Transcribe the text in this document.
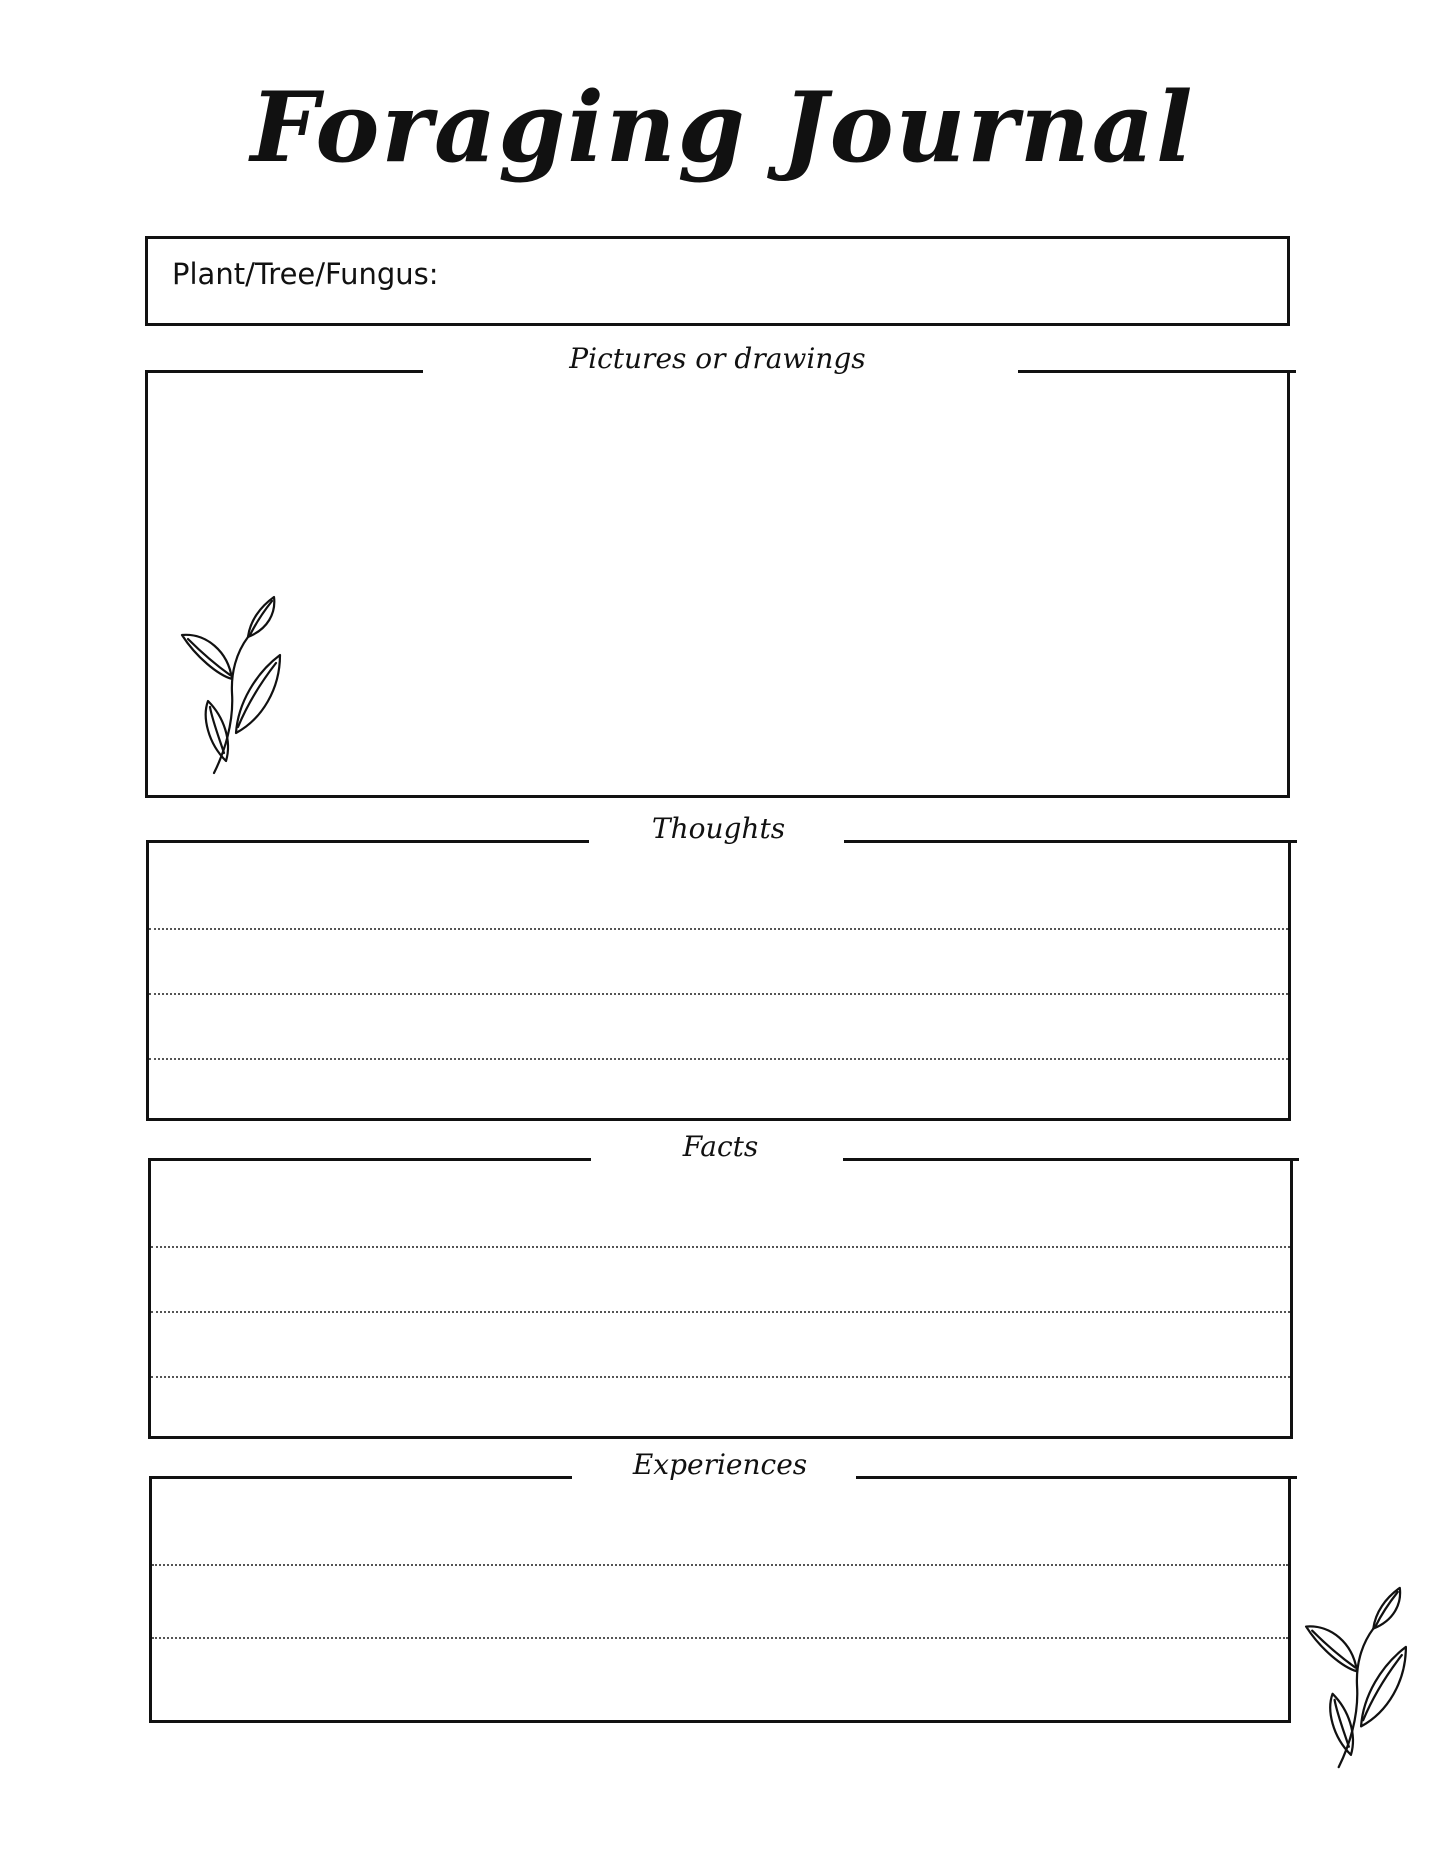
Foraging Journal
Plant/Tree/Fungus:
Pictures or drawings
Thoughts
Facts
Experiences
